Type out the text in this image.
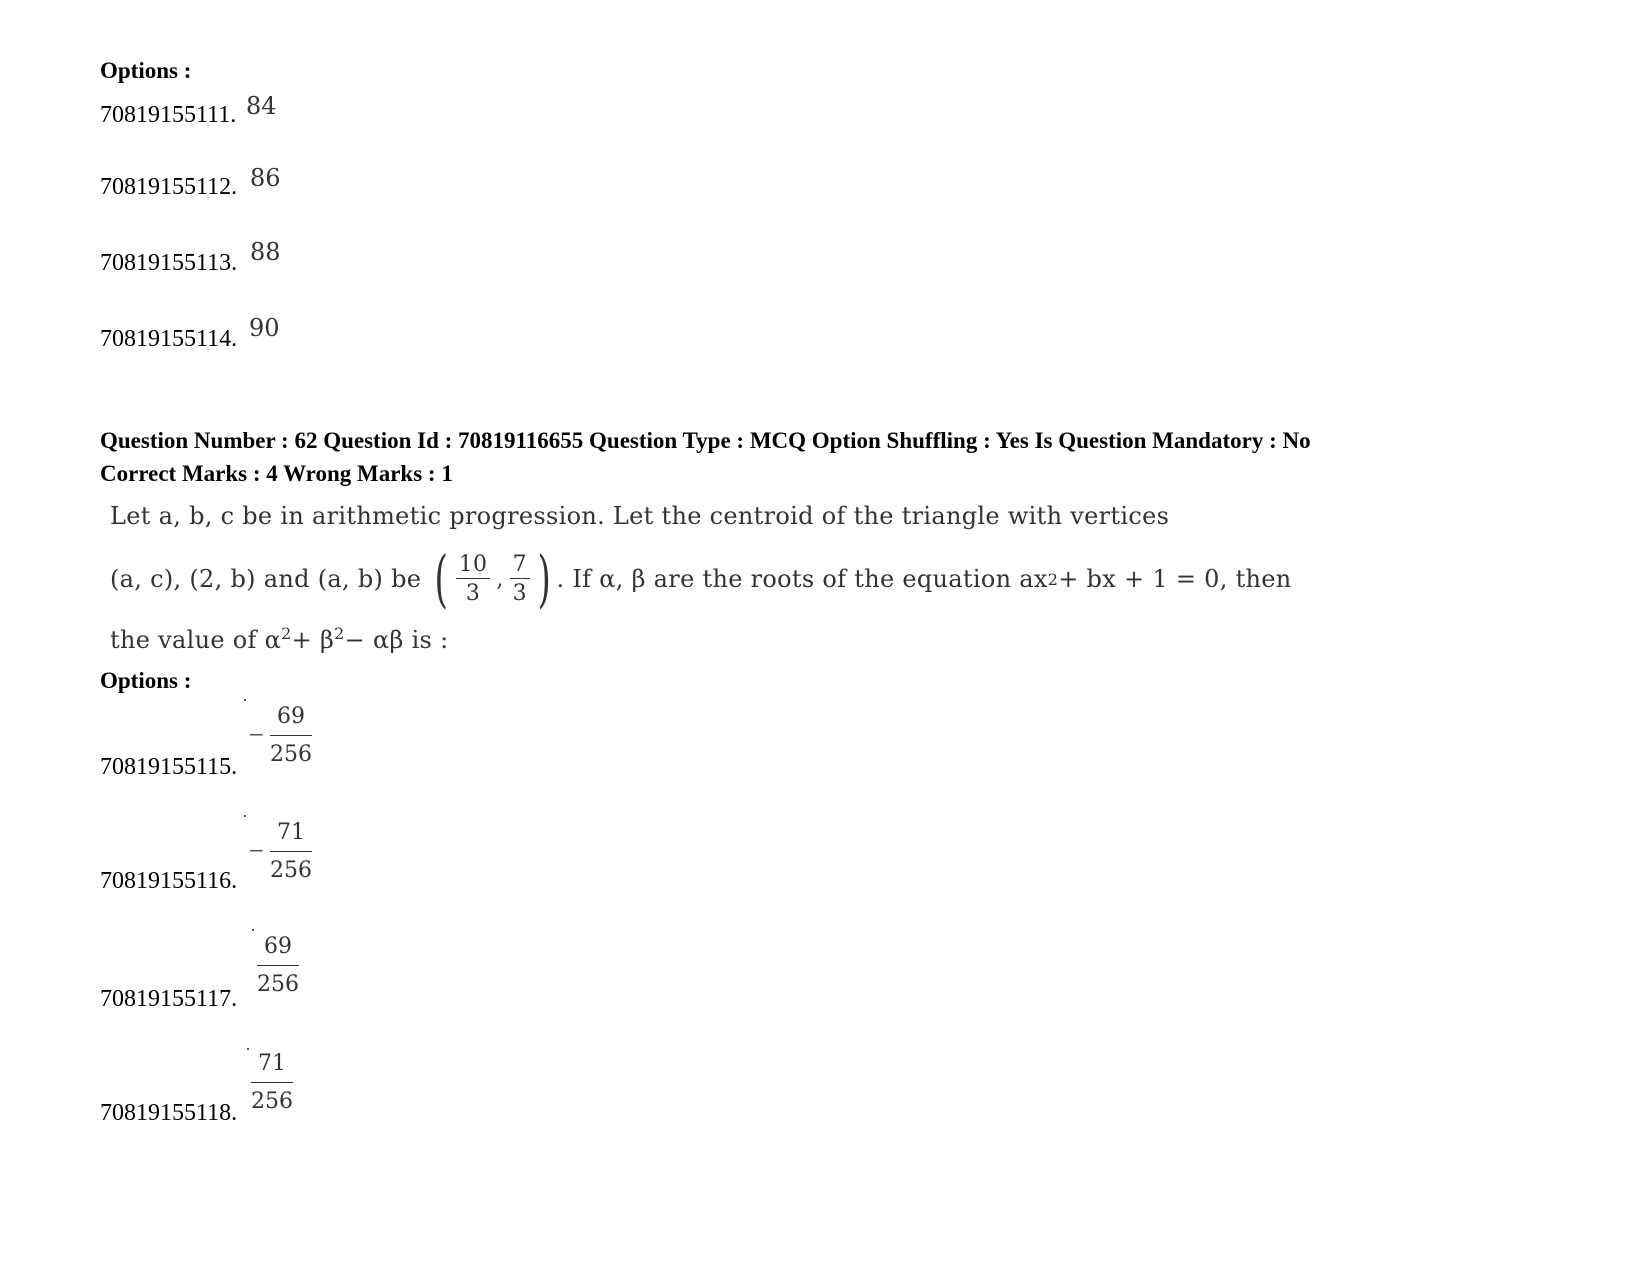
Options :
70819155111. 84
70819155112. 86
70819155113. 88
70819155114. 90
Question Number : 62 Question Id : 70819116655 Question Type : MCQ Option Shuffling : Yes Is Question Mandatory : No
Correct Marks : 4 Wrong Marks : 1
Let a, b, c be in arithmetic progression. Let the centroid of the triangle with vertices
(a, c), (2, b) and (a, b) be ( $\frac{10}{3}$ , $\frac{7}{3}$ ) . If α, β are the roots of the equation ax 2 + bx + 1 = 0, then
the value of $\alpha^2+ \beta^2- \alpha\beta$ is :
Options :
−
69
256
70819155115.
−
71
256
70819155116.
69
256
70819155117.
71
256
70819155118.
